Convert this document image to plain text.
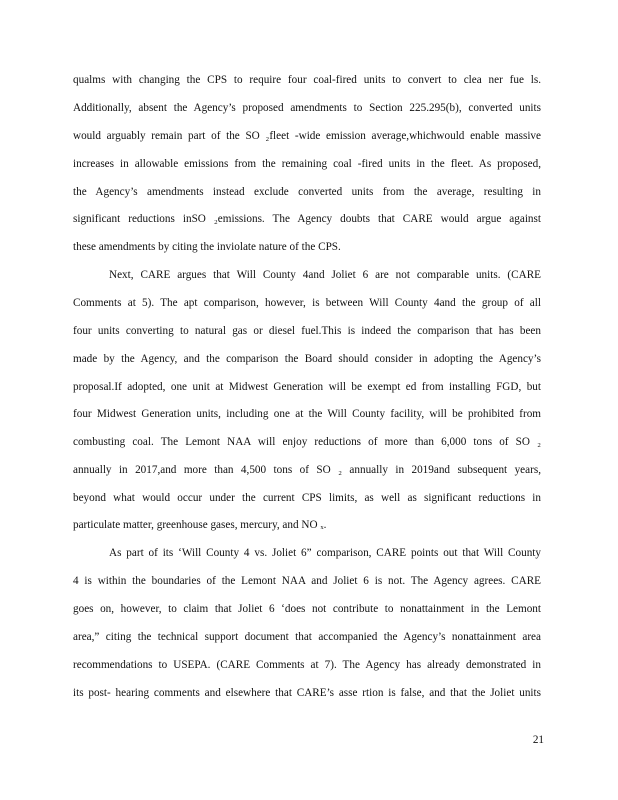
qualms with changing the CPS to require four coal-fired units to convert to clea ner fue ls.
Additionally, absent the Agency’s proposed amendments to Section 225.295(b), converted units
would arguably remain part of the SO ₂fleet -wide emission average,whichwould enable massive
increases in allowable emissions from the remaining coal -fired units in the fleet. As proposed,
the Agency’s amendments instead exclude converted units from the average, resulting in
significant reductions inSO ₂emissions. The Agency doubts that CARE would argue against
these amendments by citing the inviolate nature of the CPS.
Next, CARE argues that Will County 4and Joliet 6 are not comparable units. (CARE
Comments at 5). The apt comparison, however, is between Will County 4and the group of all
four units converting to natural gas or diesel fuel.This is indeed the comparison that has been
made by the Agency, and the comparison the Board should consider in adopting the Agency’s
proposal.If adopted, one unit at Midwest Generation will be exempt ed from installing FGD, but
four Midwest Generation units, including one at the Will County facility, will be prohibited from
combusting coal. The Lemont NAA will enjoy reductions of more than 6,000 tons of SO ₂
annually in 2017,and more than 4,500 tons of SO ₂ annually in 2019and subsequent years,
beyond what would occur under the current CPS limits, as well as significant reductions in
particulate matter, greenhouse gases, mercury, and NO ₓ.
As part of its ‘Will County 4 vs. Joliet 6” comparison, CARE points out that Will County
4 is within the boundaries of the Lemont NAA and Joliet 6 is not. The Agency agrees. CARE
goes on, however, to claim that Joliet 6 ‘does not contribute to nonattainment in the Lemont
area,” citing the technical support document that accompanied the Agency’s nonattainment area
recommendations to USEPA. (CARE Comments at 7). The Agency has already demonstrated in
its post- hearing comments and elsewhere that CARE’s asse rtion is false, and that the Joliet units
21
